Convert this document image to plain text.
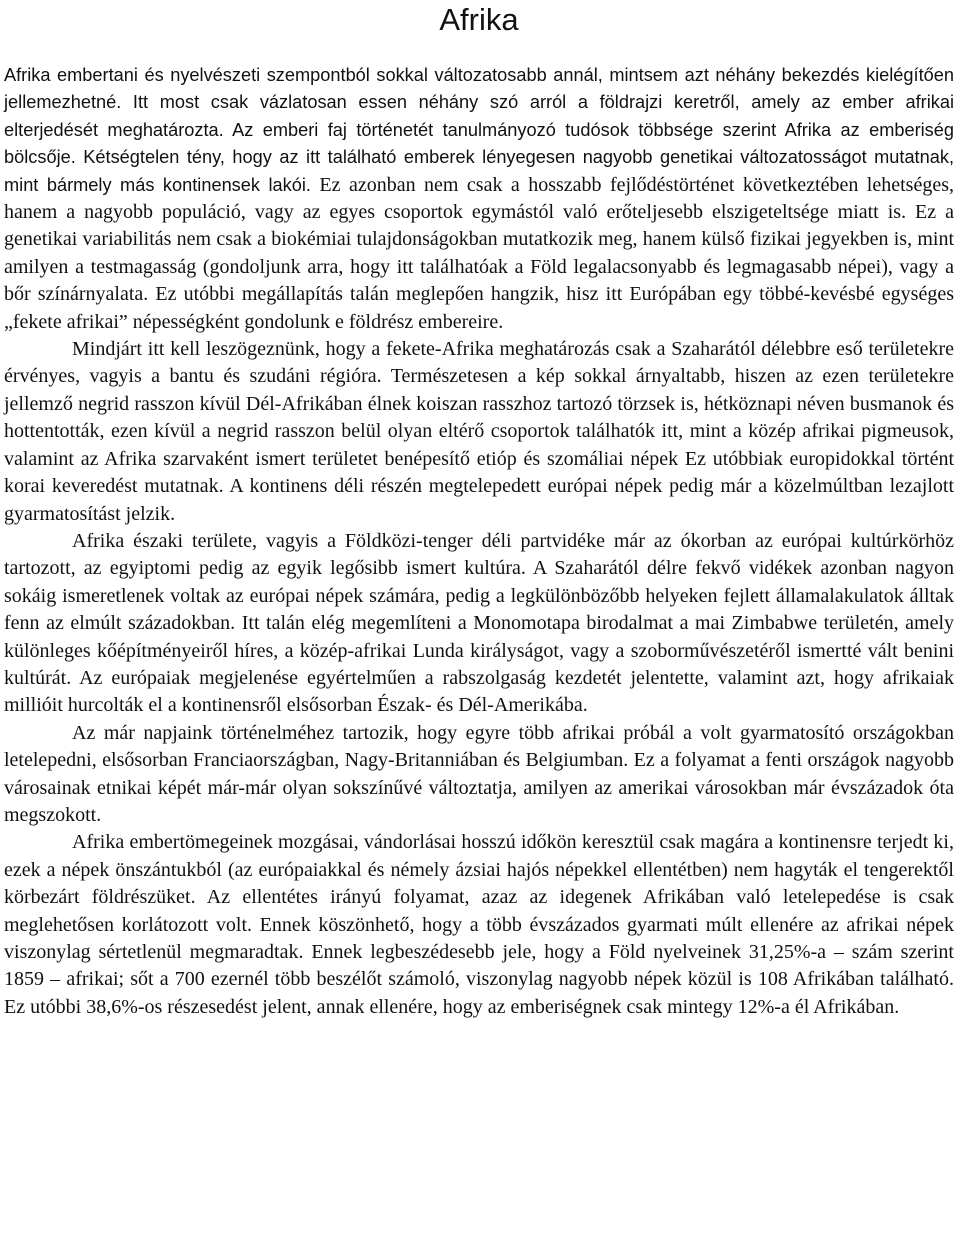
Afrika

Afrika embertani és nyelvészeti szempontból sokkal változatosabb annál, mintsem azt néhány bekezdés kielégítően jellemezhetné. Itt most csak vázlatosan essen néhány szó arról a földrajzi keretről, amely az ember afrikai elterjedését meghatározta. Az emberi faj történetét tanulmányozó tudósok többsége szerint Afrika az emberiség bölcsője. Kétségtelen tény, hogy az itt található emberek lényegesen nagyobb genetikai változatosságot mutatnak, mint bármely más kontinensek lakói. Ez azonban nem csak a hosszabb fejlődéstörténet következtében lehetséges, hanem a nagyobb populáció, vagy az egyes csoportok egymástól való erőteljesebb elszigeteltsége miatt is. Ez a genetikai variabilitás nem csak a biokémiai tulajdonságokban mutatkozik meg, hanem külső fizikai jegyekben is, mint amilyen a testmagasság (gondoljunk arra, hogy itt találhatóak a Föld legalacsonyabb és legmagasabb népei), vagy a bőr színárnyalata. Ez utóbbi megállapítás talán meglepően hangzik, hisz itt Európában egy többé-kevésbé egységes „fekete afrikai” népességként gondolunk e földrész embereire.

Mindjárt itt kell leszögeznünk, hogy a fekete-Afrika meghatározás csak a Szaharától délebbre eső területekre érvényes, vagyis a bantu és szudáni régióra. Természetesen a kép sokkal árnyaltabb, hiszen az ezen területekre jellemző negrid rasszon kívül Dél-Afrikában élnek koiszan rasszhoz tartozó törzsek is, hétköznapi néven busmanok és hottentották, ezen kívül a negrid rasszon belül olyan eltérő csoportok találhatók itt, mint a közép afrikai pigmeusok, valamint az Afrika szarvaként ismert területet benépesítő etióp és szomáliai népek Ez utóbbiak europidokkal történt korai keveredést mutatnak. A kontinens déli részén megtelepedett európai népek pedig már a közelmúltban lezajlott gyarmatosítást jelzik.

Afrika északi területe, vagyis a Földközi-tenger déli partvidéke már az ókorban az európai kultúrkörhöz tartozott, az egyiptomi pedig az egyik legősibb ismert kultúra. A Szaharától délre fekvő vidékek azonban nagyon sokáig ismeretlenek voltak az európai népek számára, pedig a legkülönbözőbb helyeken fejlett államalakulatok álltak fenn az elmúlt századokban. Itt talán elég megemlíteni a Monomotapa birodalmat a mai Zimbabwe területén, amely különleges kőépítményeiről híres, a közép-afrikai Lunda királyságot, vagy a szoborművészetéről ismertté vált benini kultúrát. Az európaiak megjelenése egyértelműen a rabszolgaság kezdetét jelentette, valamint azt, hogy afrikaiak millióit hurcolták el a kontinensről elsősorban Észak- és Dél-Amerikába.

Az már napjaink történelméhez tartozik, hogy egyre több afrikai próbál a volt gyarmatosító országokban letelepedni, elsősorban Franciaországban, Nagy-Britanniában és Belgiumban. Ez a folyamat a fenti országok nagyobb városainak etnikai képét már-már olyan sokszínűvé változtatja, amilyen az amerikai városokban már évszázadok óta megszokott.

Afrika embertömegeinek mozgásai, vándorlásai hosszú időkön keresztül csak magára a kontinensre terjedt ki, ezek a népek önszántukból (az európaiakkal és némely ázsiai hajós népekkel ellentétben) nem hagyták el tengerektől körbezárt földrészüket. Az ellentétes irányú folyamat, azaz az idegenek Afrikában való letelepedése is csak meglehetősen korlátozott volt. Ennek köszönhető, hogy a több évszázados gyarmati múlt ellenére az afrikai népek viszonylag sértetlenül megmaradtak. Ennek legbeszédesebb jele, hogy a Föld nyelveinek 31,25%-a – szám szerint 1859 – afrikai; sőt a 700 ezernél több beszélőt számoló, viszonylag nagyobb népek közül is 108 Afrikában található. Ez utóbbi 38,6%-os részesedést jelent, annak ellenére, hogy az emberiségnek csak mintegy 12%-a él Afrikában.
